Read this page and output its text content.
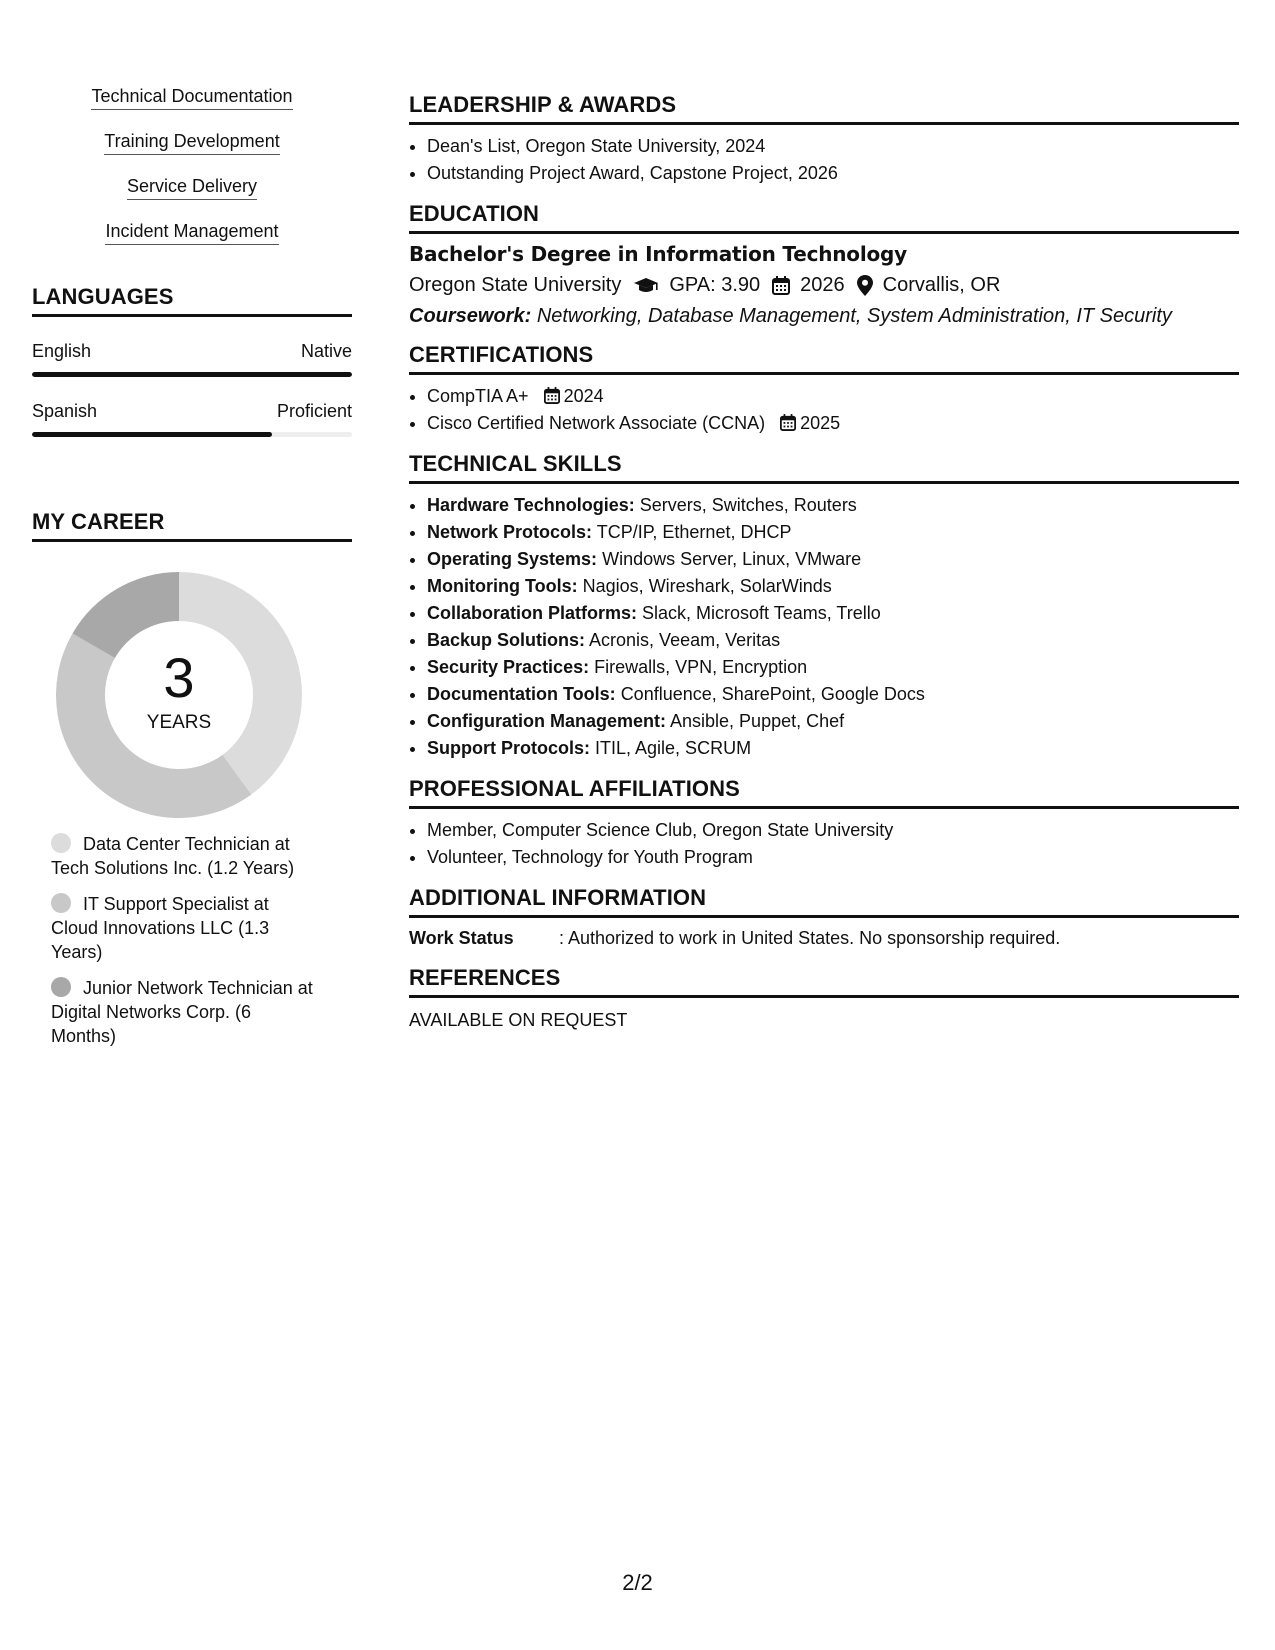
Technical Documentation
Training Development
Service Delivery
Incident Management
LANGUAGES
English	Native
Spanish	Proficient
MY CAREER
3
YEARS
Data Center Technician at Tech Solutions Inc. (1.2 Years)
IT Support Specialist at Cloud Innovations LLC (1.3 Years)
Junior Network Technician at Digital Networks Corp. (6 Months)
LEADERSHIP & AWARDS
• Dean's List, Oregon State University, 2024
• Outstanding Project Award, Capstone Project, 2026
EDUCATION
Bachelor's Degree in Information Technology
Oregon State University GPA: 3.90 2026 Corvallis, OR
Coursework: Networking, Database Management, System Administration, IT Security
CERTIFICATIONS
• CompTIA A+ 2024
• Cisco Certified Network Associate (CCNA) 2025
TECHNICAL SKILLS
• Hardware Technologies: Servers, Switches, Routers
• Network Protocols: TCP/IP, Ethernet, DHCP
• Operating Systems: Windows Server, Linux, VMware
• Monitoring Tools: Nagios, Wireshark, SolarWinds
• Collaboration Platforms: Slack, Microsoft Teams, Trello
• Backup Solutions: Acronis, Veeam, Veritas
• Security Practices: Firewalls, VPN, Encryption
• Documentation Tools: Confluence, SharePoint, Google Docs
• Configuration Management: Ansible, Puppet, Chef
• Support Protocols: ITIL, Agile, SCRUM
PROFESSIONAL AFFILIATIONS
• Member, Computer Science Club, Oregon State University
• Volunteer, Technology for Youth Program
ADDITIONAL INFORMATION
Work Status	: Authorized to work in United States. No sponsorship required.
REFERENCES
AVAILABLE ON REQUEST
2/2
